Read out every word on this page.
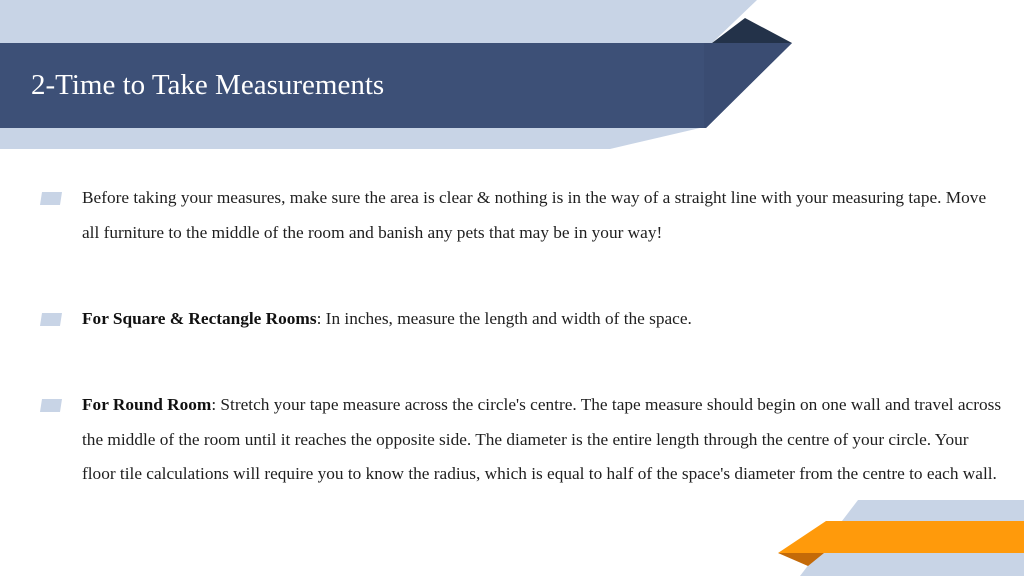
2-Time to Take Measurements

Before taking your measures, make sure the area is clear & nothing is in the way of a straight line with your measuring tape. Move all furniture to the middle of the room and banish any pets that may be in your way!

For Square & Rectangle Rooms: In inches, measure the length and width of the space.

For Round Room: Stretch your tape measure across the circle's centre. The tape measure should begin on one wall and travel across the middle of the room until it reaches the opposite side. The diameter is the entire length through the centre of your circle. Your floor tile calculations will require you to know the radius, which is equal to half of the space's diameter from the centre to each wall.
